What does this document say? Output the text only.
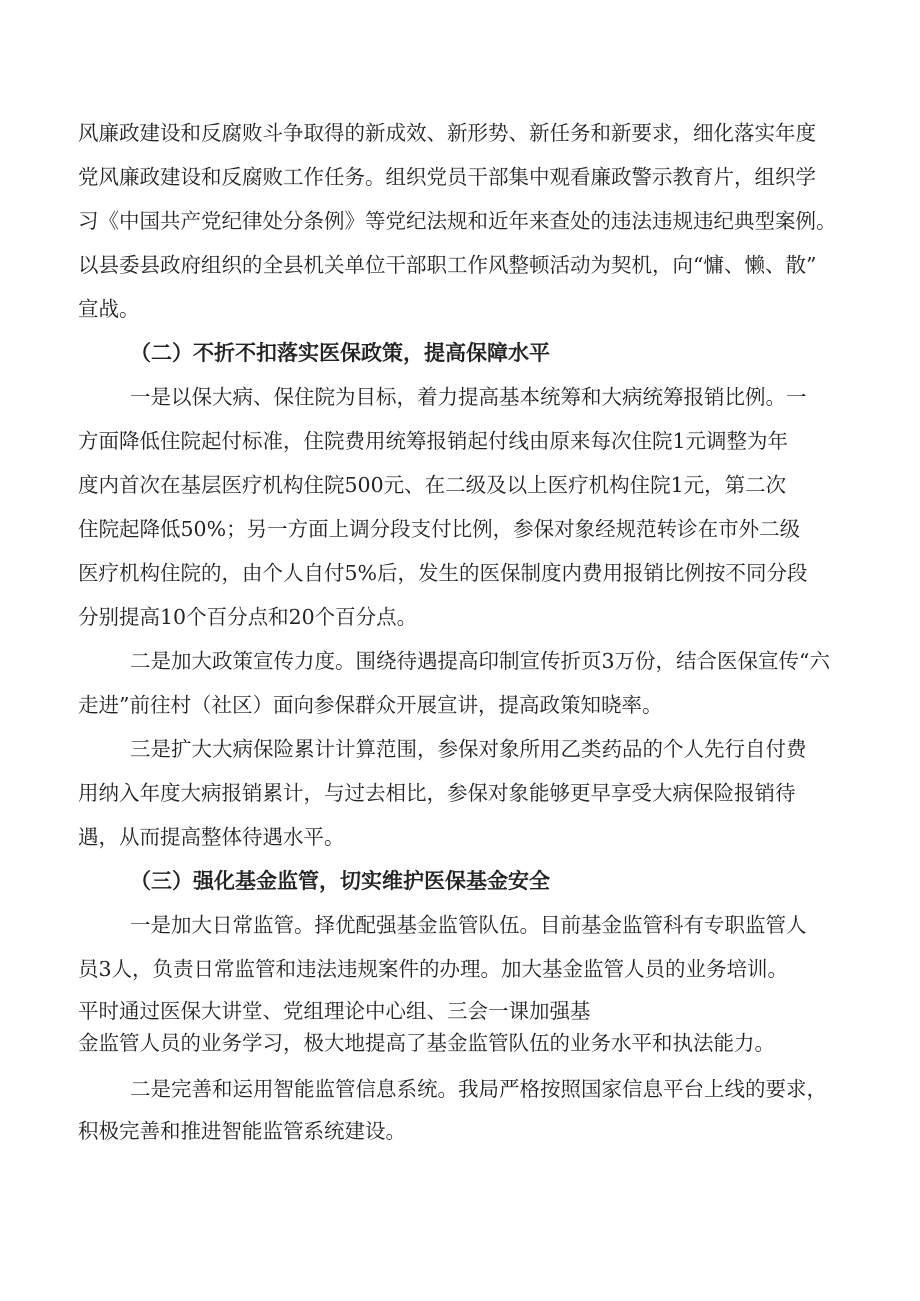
风廉政建设和反腐败斗争取得的新成效、新形势、新任务和新要求，细化落实年度
党风廉政建设和反腐败工作任务。组织党员干部集中观看廉政警示教育片，组织学
习《中国共产党纪律处分条例》等党纪法规和近年来查处的违法违规违纪典型案例。
以县委县政府组织的全县机关单位干部职工作风整顿活动为契机，向“慵、懒、散”
宣战。
（二）不折不扣落实医保政策，提高保障水平
一是以保大病、保住院为目标，着力提高基本统筹和大病统筹报销比例。一
方面降低住院起付标准，住院费用统筹报销起付线由原来每次住院1元调整为年
度内首次在基层医疗机构住院500元、在二级及以上医疗机构住院1元，第二次
住院起降低50%；另一方面上调分段支付比例，参保对象经规范转诊在市外二级
医疗机构住院的，由个人自付5%后，发生的医保制度内费用报销比例按不同分段
分别提高10个百分点和20个百分点。
二是加大政策宣传力度。围绕待遇提高印制宣传折页3万份，结合医保宣传“六
走进”前往村（社区）面向参保群众开展宣讲，提高政策知晓率。
三是扩大大病保险累计计算范围，参保对象所用乙类药品的个人先行自付费
用纳入年度大病报销累计，与过去相比，参保对象能够更早享受大病保险报销待
遇，从而提高整体待遇水平。
（三）强化基金监管，切实维护医保基金安全
一是加大日常监管。择优配强基金监管队伍。目前基金监管科有专职监管人
员3人，负责日常监管和违法违规案件的办理。加大基金监管人员的业务培训。
平时通过医保大讲堂、党组理论中心组、三会一课加强基
金监管人员的业务学习，极大地提高了基金监管队伍的业务水平和执法能力。
二是完善和运用智能监管信息系统。我局严格按照国家信息平台上线的要求，
积极完善和推进智能监管系统建设。
